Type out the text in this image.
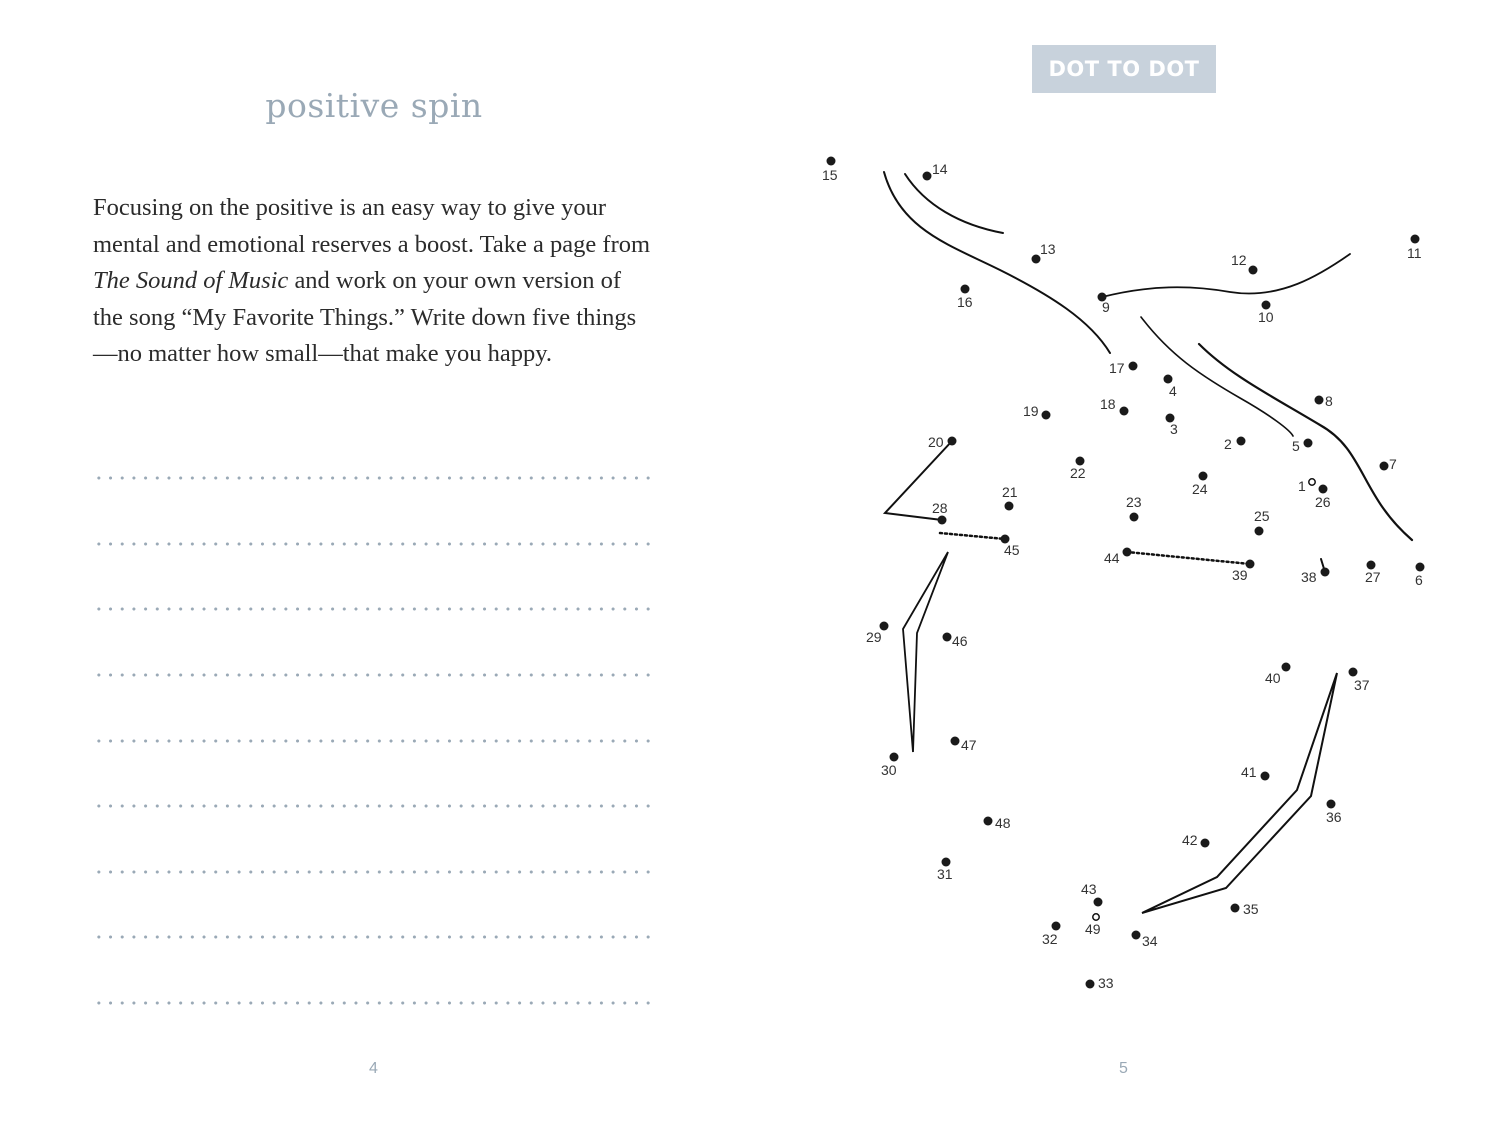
positive spin

Focusing on the positive is an easy way to give your mental and emotional reserves a boost. Take a page from The Sound of Music and work on your own version of the song “My Favorite Things.” Write down five things—no matter how small—that make you happy.

4
DOT TO DOT
5
1
2
3
4
5
6
7
8
9
10
11
12
13
14
15
16
17
18
19
20
21
22
23
24
25
26
27
28
29
30
31
32
33
34
35
36
37
38
39
40
41
42
43
44
45
46
47
48
49
